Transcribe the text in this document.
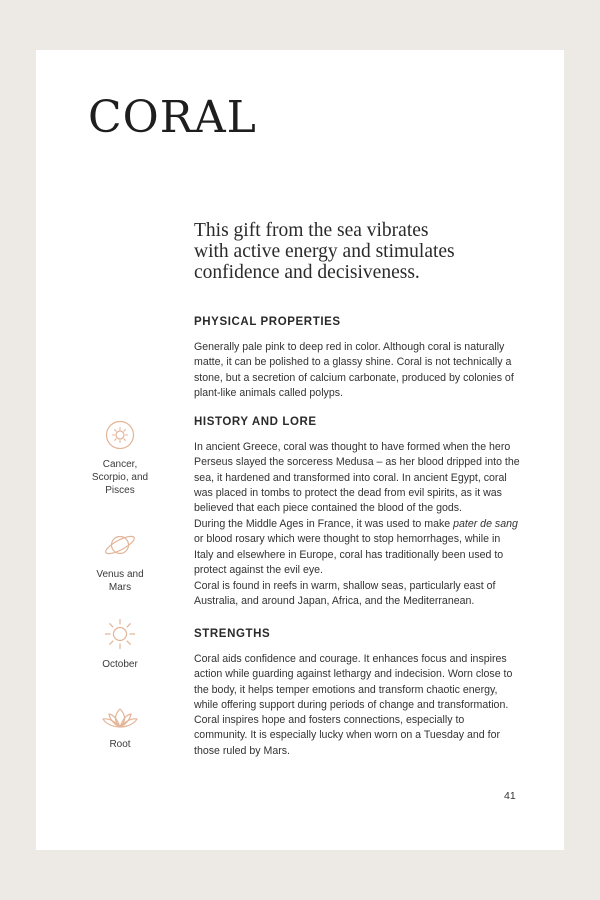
CORAL
This gift from the sea vibrates
with active energy and stimulates
confidence and decisiveness.
PHYSICAL PROPERTIES

Generally pale pink to deep red in color. Although coral is naturally matte, it can be polished to a glassy shine. Coral is not technically a stone, but a secretion of calcium carbonate, produced by colonies of plant-like animals called polyps.

HISTORY AND LORE

In ancient Greece, coral was thought to have formed when the hero Perseus slayed the sorceress Medusa – as her blood dripped into the sea, it hardened and transformed into coral. In ancient Egypt, coral was placed in tombs to protect the dead from evil spirits, as it was believed that each piece contained the blood of the gods.

During the Middle Ages in France, it was used to make pater de sang or blood rosary which were thought to stop hemorrhages, while in Italy and elsewhere in Europe, coral has traditionally been used to protect against the evil eye.

Coral is found in reefs in warm, shallow seas, particularly east of Australia, and around Japan, Africa, and the Mediterranean.

STRENGTHS

Coral aids confidence and courage. It enhances focus and inspires action while guarding against lethargy and indecision. Worn close to the body, it helps temper emotions and transform chaotic energy, while offering support during periods of change and transformation. Coral inspires hope and fosters connections, especially to community. It is especially lucky when worn on a Tuesday and for those ruled by Mars.

Cancer,
Scorpio, and
Pisces
Venus and
Mars
October
Root
41
